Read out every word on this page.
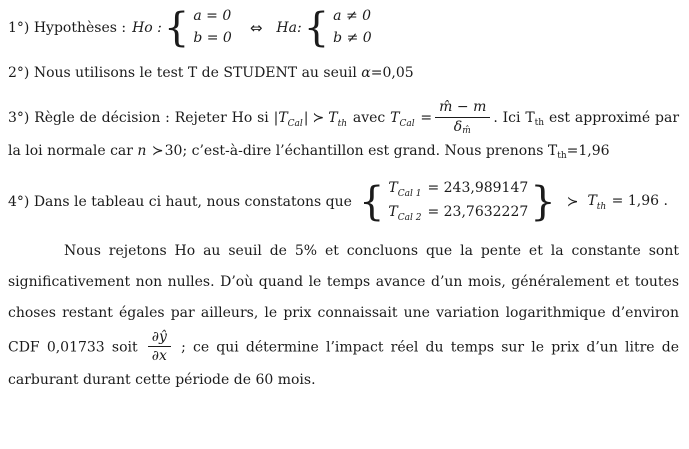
1°) Hypothèses : Ho : { a = 0
b = 0
⇔ Ha: { a ≠ 0
b ≠ 0
2°) Nous utilisons le test T de STUDENT au seuil α=0,05
3°) Règle de décision : Rejeter Ho si $|T_{Cal}|$ ≻ $T_{th}$ avec $T_{Cal} = \frac{m̂ - m}{\delta_{m̂}}$ . Ici $T_{th}$ est approximé par la loi normale car n ≻30; c’est-à-dire l’échantillon est grand. Nous prenons $T_{th}=1,96$
4°) Dans le tableau ci haut, nous constatons que { $T_{Cal 1} = 243,989147$
$T_{Cal 2} = 23,7632227$ } ≻ $T_{th} = 1,96$ .
Nous rejetons Ho au seuil de 5% et concluons que la pente et la constante sont significativement non nulles. D’où quand le temps avance d’un mois, généralement et toutes choses restant égales par ailleurs, le prix connaissait une variation logarithmique d’environ CDF 0,01733 soit $\frac{\partial ŷ}{\partial x}$ ; ce qui détermine l’impact réel du temps sur le prix d’un litre de carburant durant cette période de 60 mois.
